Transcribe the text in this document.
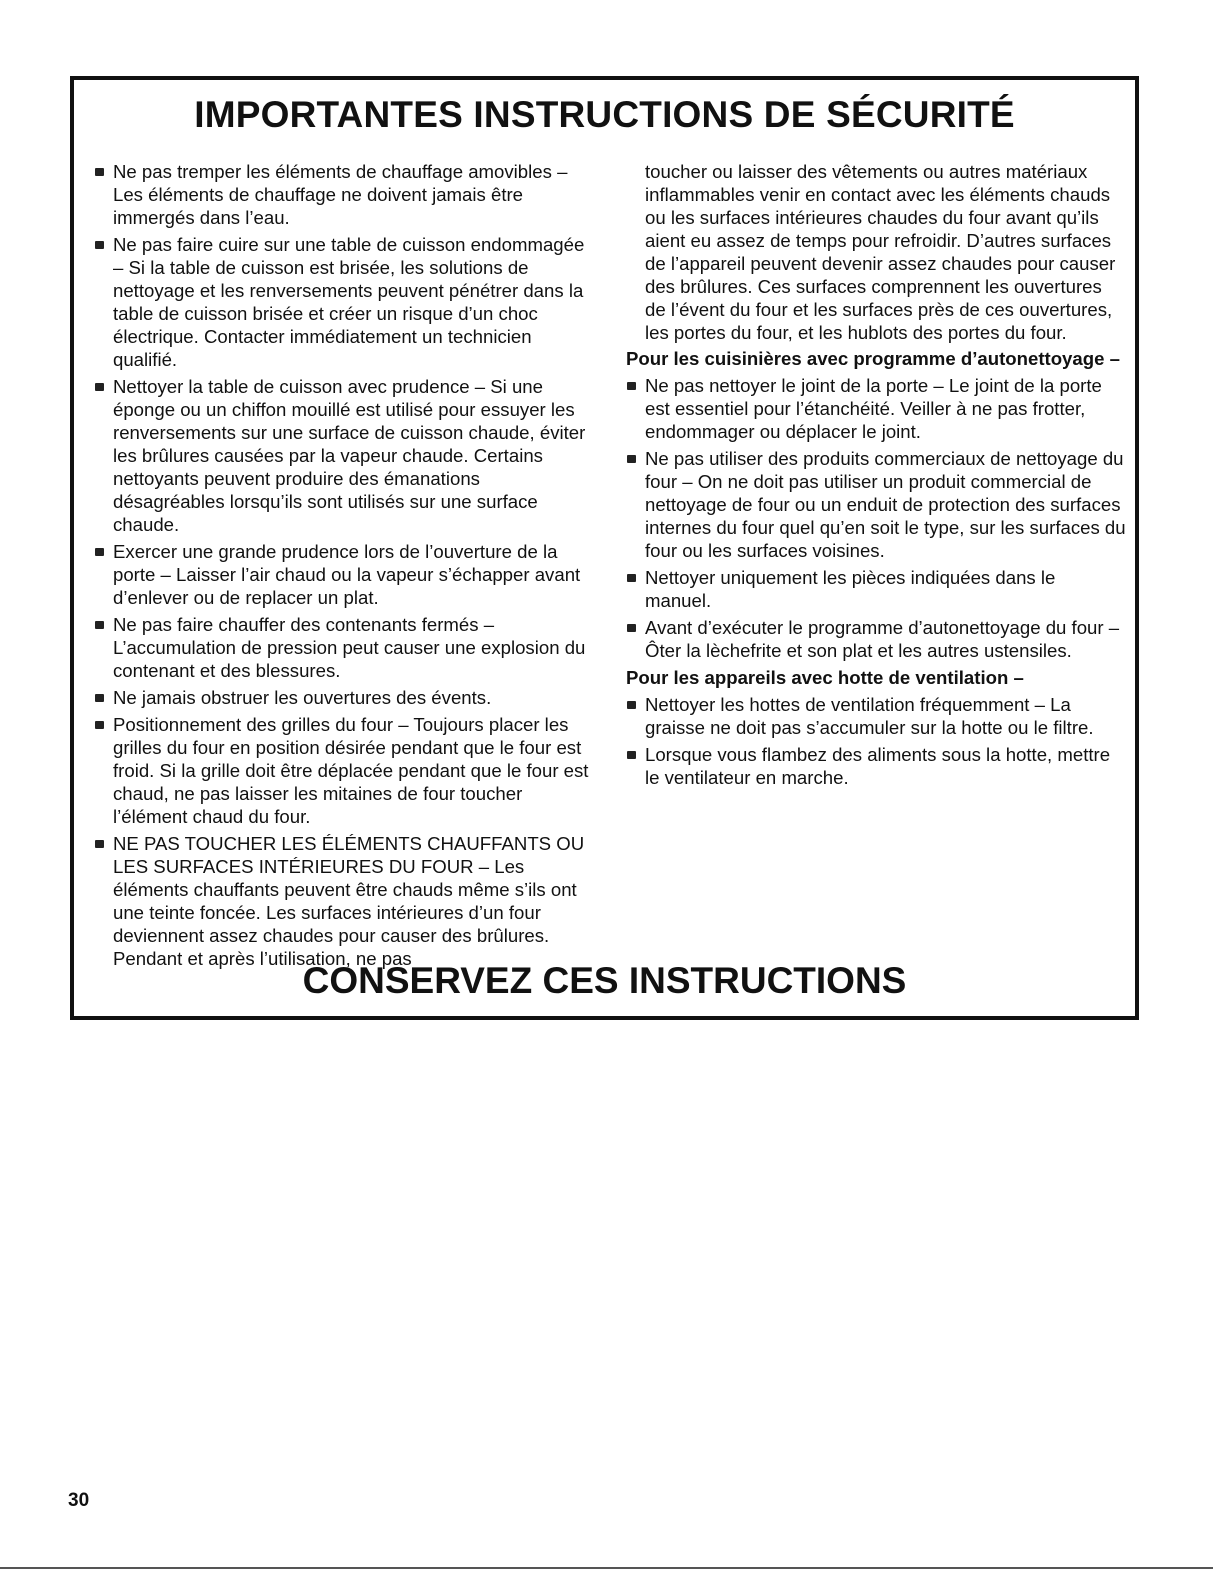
IMPORTANTES INSTRUCTIONS DE SÉCURITÉ
Ne pas tremper les éléments de chauffage amovibles – Les éléments de chauffage ne doivent jamais être immergés dans l’eau.
Ne pas faire cuire sur une table de cuisson endommagée – Si la table de cuisson est brisée, les solutions de nettoyage et les renversements peuvent pénétrer dans la table de cuisson brisée et créer un risque d’un choc électrique. Contacter immédiatement un technicien qualifié.
Nettoyer la table de cuisson avec prudence – Si une éponge ou un chiffon mouillé est utilisé pour essuyer les renversements sur une surface de cuisson chaude, éviter les brûlures causées par la vapeur chaude. Certains nettoyants peuvent produire des émanations désagréables lorsqu’ils sont utilisés sur une surface chaude.
Exercer une grande prudence lors de l’ouverture de la porte – Laisser l’air chaud ou la vapeur s’échapper avant d’enlever ou de replacer un plat.
Ne pas faire chauffer des contenants fermés – L’accumulation de pression peut causer une explosion du contenant et des blessures.
Ne jamais obstruer les ouvertures des évents.
Positionnement des grilles du four – Toujours placer les grilles du four en position désirée pendant que le four est froid. Si la grille doit être déplacée pendant que le four est chaud, ne pas laisser les mitaines de four toucher l’élément chaud du four.
NE PAS TOUCHER LES ÉLÉMENTS CHAUFFANTS OU LES SURFACES INTÉRIEURES DU FOUR – Les éléments chauffants peuvent être chauds même s’ils ont une teinte foncée. Les surfaces intérieures d’un four deviennent assez chaudes pour causer des brûlures. Pendant et après l’utilisation, ne pas
toucher ou laisser des vêtements ou autres matériaux inflammables venir en contact avec les éléments chauds ou les surfaces intérieures chaudes du four avant qu’ils aient eu assez de temps pour refroidir. D’autres surfaces de l’appareil peuvent devenir assez chaudes pour causer des brûlures. Ces surfaces comprennent les ouvertures de l’évent du four et les surfaces près de ces ouvertures, les portes du four, et les hublots des portes du four.
Pour les cuisinières avec programme d’autonettoyage –
Ne pas nettoyer le joint de la porte – Le joint de la porte est essentiel pour l’étanchéité. Veiller à ne pas frotter, endommager ou déplacer le joint.
Ne pas utiliser des produits commerciaux de nettoyage du four – On ne doit pas utiliser un produit commercial de nettoyage de four ou un enduit de protection des surfaces internes du four quel qu’en soit le type, sur les surfaces du four ou les surfaces voisines.
Nettoyer uniquement les pièces indiquées dans le manuel.
Avant d’exécuter le programme d’autonettoyage du four – Ôter la lèchefrite et son plat et les autres ustensiles.
Pour les appareils avec hotte de ventilation –
Nettoyer les hottes de ventilation fréquemment – La graisse ne doit pas s’accumuler sur la hotte ou le filtre.
Lorsque vous flambez des aliments sous la hotte, mettre le ventilateur en marche.
CONSERVEZ CES INSTRUCTIONS
30
